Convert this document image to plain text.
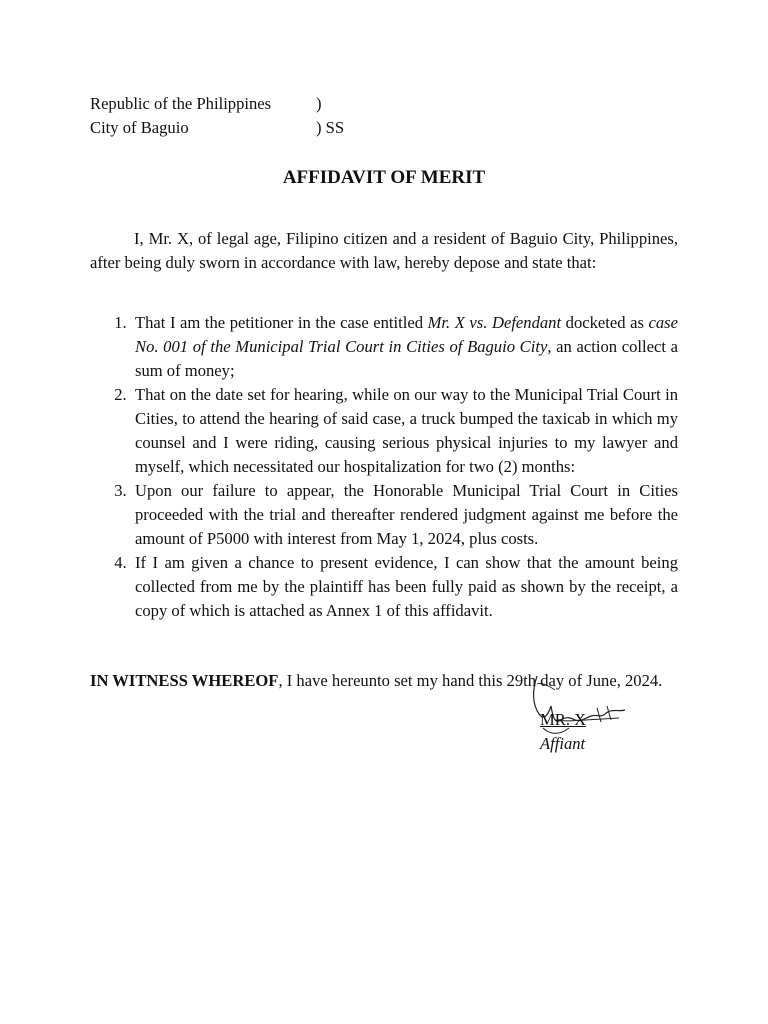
Republic of the Philippines	)
City of Baguio	) SS
AFFIDAVIT OF MERIT

I, Mr. X, of legal age, Filipino citizen and a resident of Baguio City, Philippines, after being duly sworn in accordance with law, hereby depose and state that:

1. That I am the petitioner in the case entitled Mr. X vs. Defendant docketed as case No. 001 of the Municipal Trial Court in Cities of Baguio City, an action collect a sum of money;
2. That on the date set for hearing, while on our way to the Municipal Trial Court in Cities, to attend the hearing of said case, a truck bumped the taxicab in which my counsel and I were riding, causing serious physical injuries to my lawyer and myself, which necessitated our hospitalization for two (2) months:
3. Upon our failure to appear, the Honorable Municipal Trial Court in Cities proceeded with the trial and thereafter rendered judgment against me before the amount of P5000 with interest from May 1, 2024, plus costs.
4. If I am given a chance to present evidence, I can show that the amount being collected from me by the plaintiff has been fully paid as shown by the receipt, a copy of which is attached as Annex 1 of this affidavit.
IN WITNESS WHEREOF, I have hereunto set my hand this 29th day of June, 2024.
MR. X
Affiant
